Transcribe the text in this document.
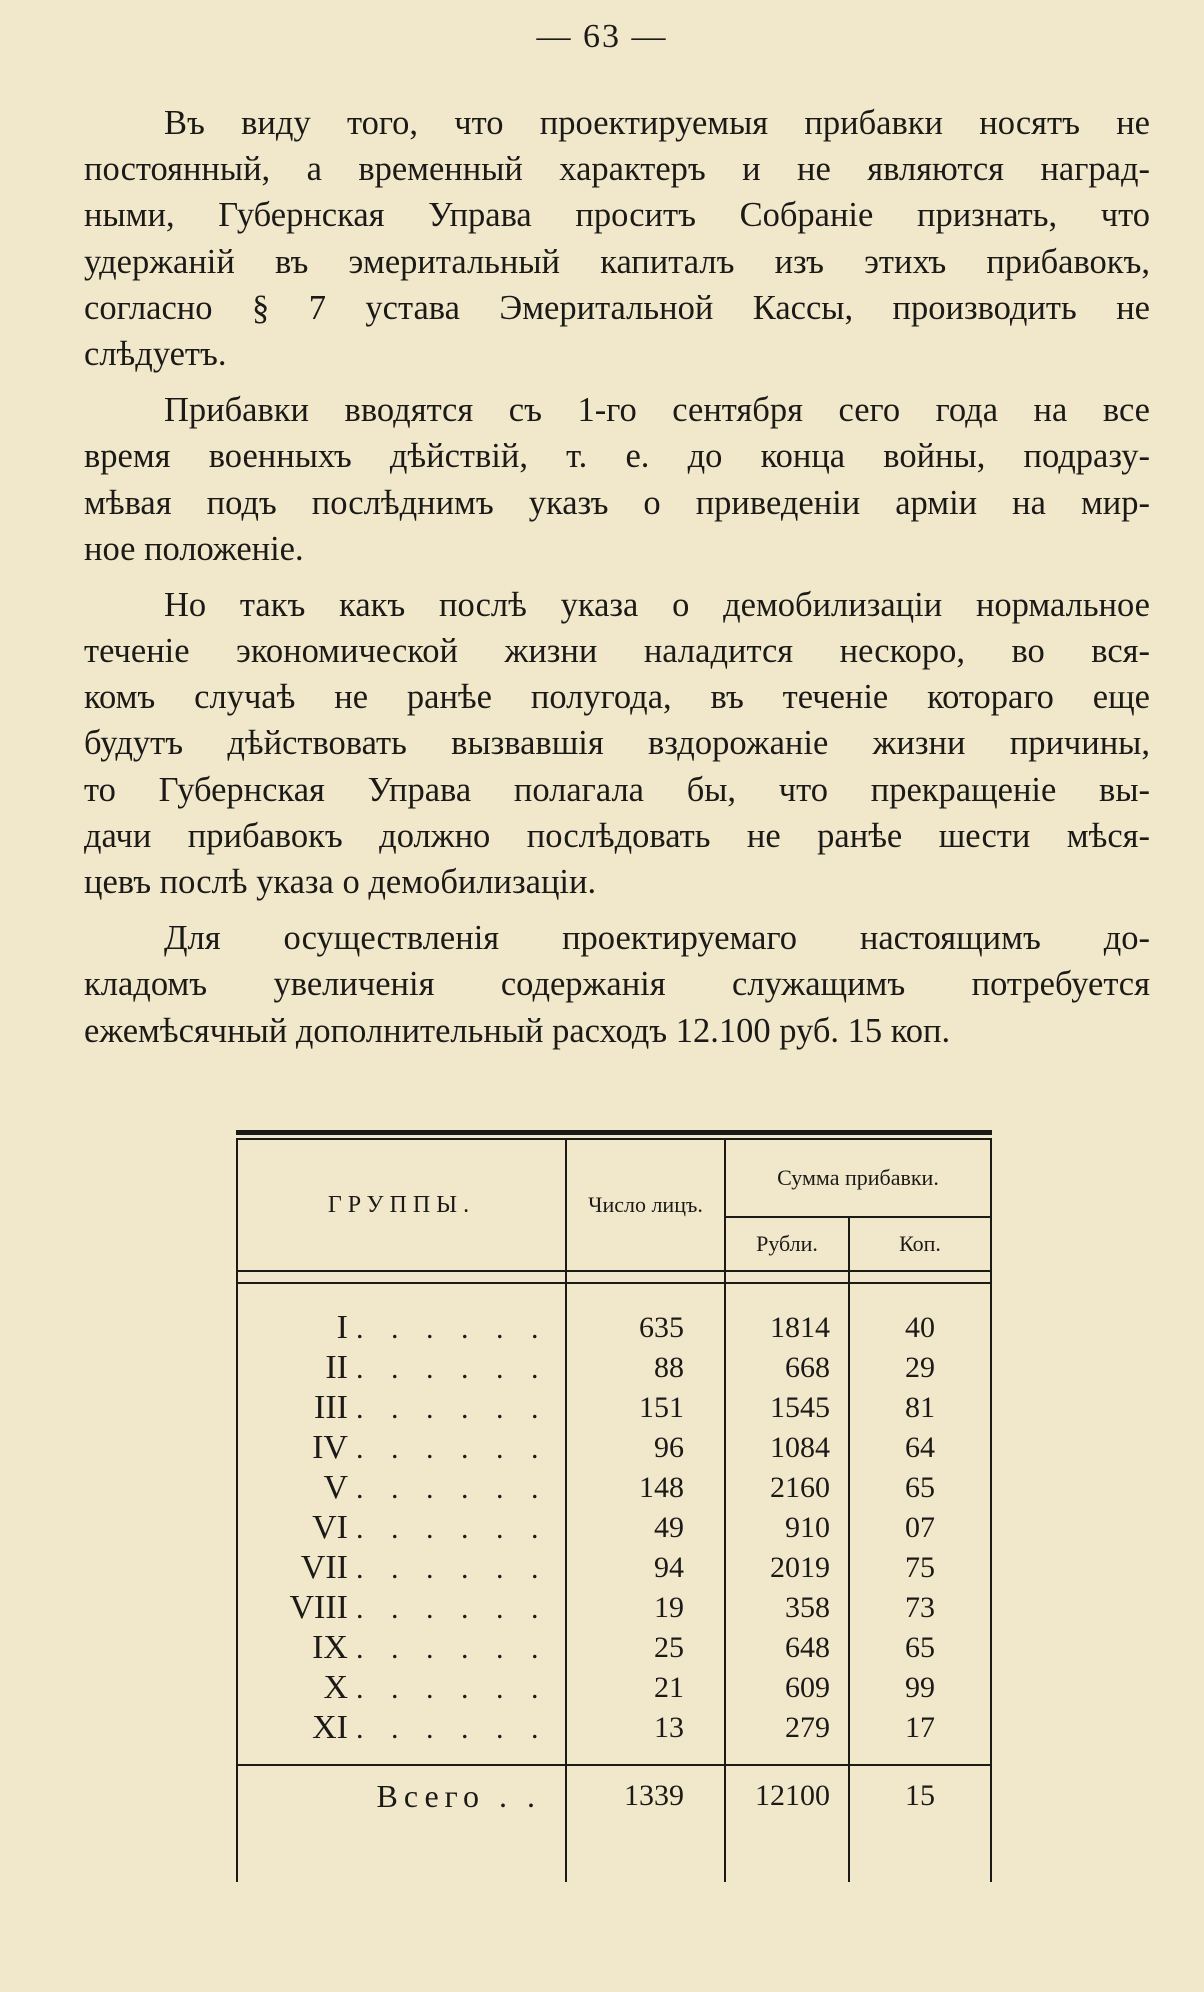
— 63 —
Въ виду того, что проектируемыя прибавки носятъ не
постоянный, а временный характеръ и не являются наград-
ными, Губернская Управа проситъ Собраніе признать, что
удержаній въ эмеритальный капиталъ изъ этихъ прибавокъ,
согласно § 7 устава Эмеритальной Кассы, производить не
слѣдуетъ.
Прибавки вводятся съ 1-го сентября сего года на все
время военныхъ дѣйствій, т. е. до конца войны, подразу-
мѣвая подъ послѣднимъ указъ о приведеніи арміи на мир-
ное положеніе.
Но такъ какъ послѣ указа о демобилизаціи нормальное
теченіе экономической жизни наладится нескоро, во вся-
комъ случаѣ не ранѣе полугода, въ теченіе котораго еще
будутъ дѣйствовать вызвавшія вздорожаніе жизни причины,
то Губернская Управа полагала бы, что прекращеніе вы-
дачи прибавокъ должно послѣдовать не ранѣе шести мѣся-
цевъ послѣ указа о демобилизаціи.
Для осуществленія проектируемаго настоящимъ до-
кладомъ увеличенія содержанія служащимъ потребуется
ежемѣсячный дополнительный расходъ 12.100 руб. 15 коп.
ГРУППЫ.	Число лицъ.	Сумма прибавки.	
		Рубли.	Коп.

I . . . . . .	635	1814	40
II . . . . . .	88	668	29
III . . . . . .	151	1545	81
IV . . . . . .	96	1084	64
V . . . . . .	148	2160	65
VI . . . . . .	49	910	07
VII . . . . . .	94	2019	75
VIII . . . . . .	19	358	73
IX . . . . . .	25	648	65
X . . . . . .	21	609	99
XI . . . . . .	13	279	17

Всего . .	1339	12100	15
